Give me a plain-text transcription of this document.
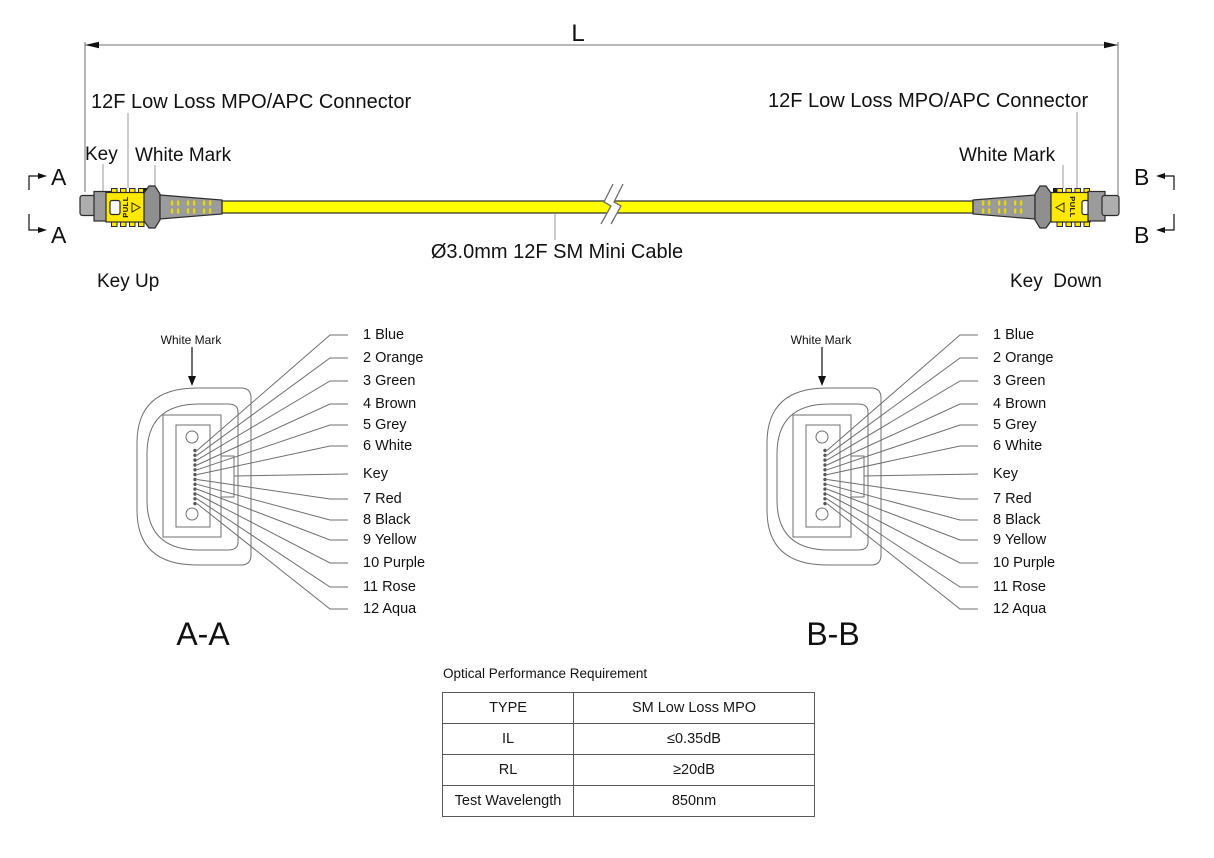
L
12F Low Loss MPO/APC Connector
Key White Mark
12F Low Loss MPO/APC Connector
White Mark
A
A
B
B
Ø3.0mm 12F SM Mini Cable
PULL
Key Up
PULL
Key  Down
White Mark	1 Blue
2 Orange
3 Green
4 Brown
5 Grey
6 White
Key
7 Red
8 Black
9 Yellow
10 Purple
11 Rose
12 Aqua
A-A
White Mark	1 Blue
2 Orange
3 Green
4 Brown
5 Grey
6 White
Key
7 Red
8 Black
9 Yellow
10 Purple
11 Rose
12 Aqua
B-B
Optical Performance Requirement
TYPE	SM Low Loss MPO
IL	≤0.35dB
RL	≥20dB
Test Wavelength	850nm
